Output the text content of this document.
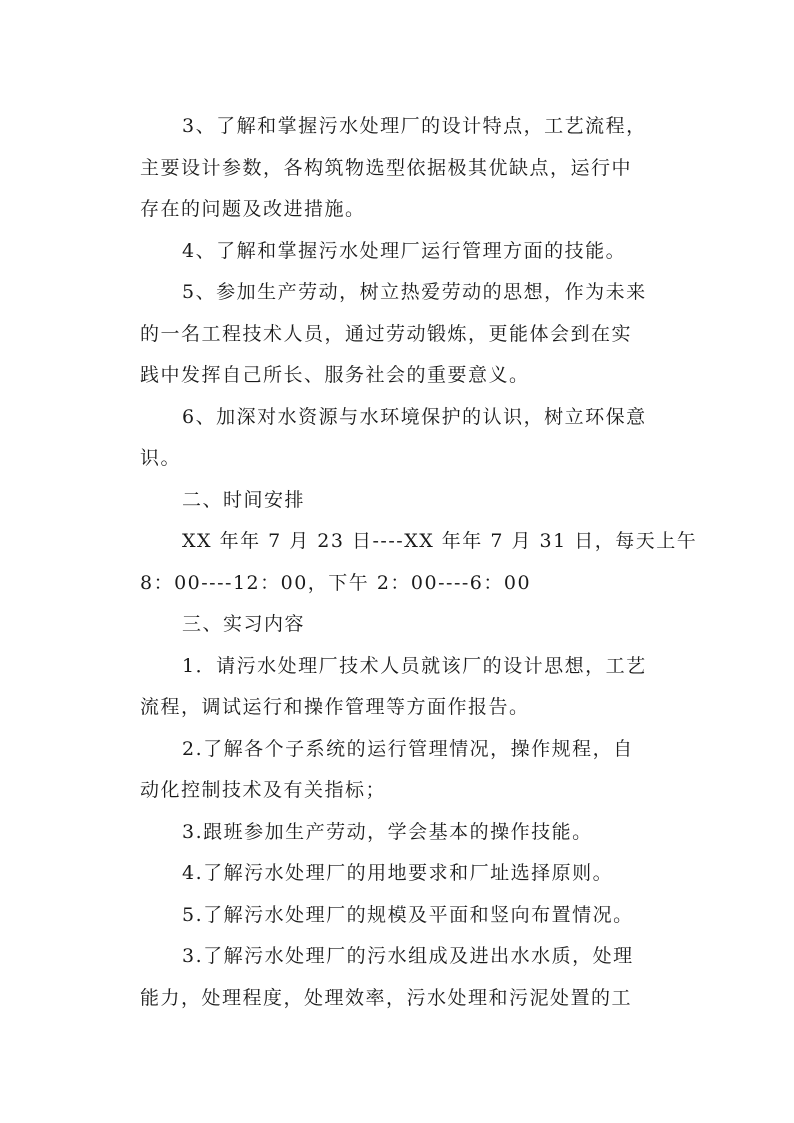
3、了解和掌握污水处理厂的设计特点，工艺流程，
主要设计参数，各构筑物选型依据极其优缺点，运行中
存在的问题及改进措施。
4、了解和掌握污水处理厂运行管理方面的技能。
5、参加生产劳动，树立热爱劳动的思想，作为未来
的一名工程技术人员，通过劳动锻炼，更能体会到在实
践中发挥自己所长、服务社会的重要意义。
6、加深对水资源与水环境保护的认识，树立环保意
识。
二、时间安排
XX 年年 7 月 23 日----XX 年年 7 月 31 日，每天上午
8：00----12：00，下午 2：00----6：00
三、实习内容
1．请污水处理厂技术人员就该厂的设计思想，工艺
流程，调试运行和操作管理等方面作报告。
2.了解各个子系统的运行管理情况，操作规程，自
动化控制技术及有关指标；
3.跟班参加生产劳动，学会基本的操作技能。
4.了解污水处理厂的用地要求和厂址选择原则。
5.了解污水处理厂的规模及平面和竖向布置情况。
3.了解污水处理厂的污水组成及进出水水质，处理
能力，处理程度，处理效率，污水处理和污泥处置的工
